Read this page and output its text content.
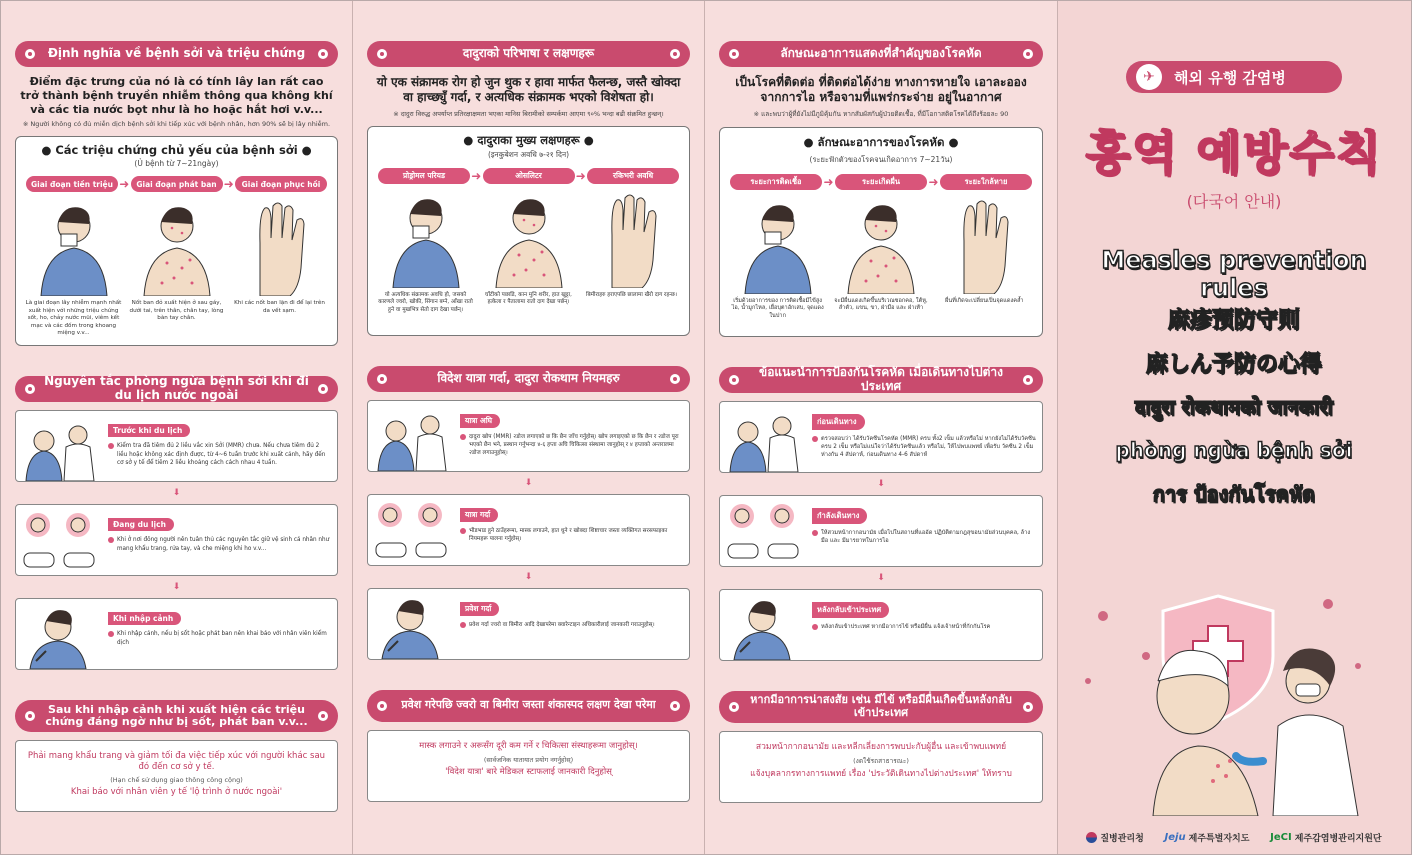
Định nghĩa về bệnh sởi và triệu chứng
Điểm đặc trưng của nó là có tính lây lan rất cao trở thành bệnh truyền nhiễm thông qua không khí và các tia nước bọt như là ho hoặc hắt hơi v.v...
※ Người không có đủ miễn dịch bệnh sởi khi tiếp xúc với bệnh nhân, hơn 90% sẽ bị lây nhiễm.
● Các triệu chứng chủ yếu của bệnh sởi ●
(Ủ bệnh từ 7~21ngày)
Giai đoạn tiền triệu ➜ Giai đoạn phát ban ➜	Giai đoạn phục hồi
Là giai đoạn lây nhiễm mạnh nhất xuất hiện với những triệu chứng sốt, ho, chảy nước mũi, viêm kết mạc và các đốm trong khoang miệng v.v...
Nốt ban đỏ xuất hiện ở sau gáy, dưới tai, trên thân, chân tay, lòng bàn tay chân.
Khi các nốt ban lặn đi để lại trên da vết sạm.
Nguyên tắc phòng ngừa bệnh sởi khi đi du lịch nước ngoài
Trước khi du lịch
Kiểm tra đã tiêm đủ 2 liều vắc xin Sởi (MMR) chưa. Nếu chưa tiêm đủ 2 liều hoặc không xác định được, từ 4~6 tuần trước khi xuất cảnh, hãy đến cơ sở y tế để tiêm 2 liều khoảng cách cách nhau 4 tuần.
⬇
Đang du lịch
Khi ở nơi đông người nên tuân thủ các nguyên tắc giữ vệ sinh cá nhân như mang khẩu trang, rửa tay, và che miệng khi ho v.v...
⬇
Khi nhập cảnh
Khi nhập cảnh, nếu bị sốt hoặc phát ban nên khai báo với nhân viên kiểm dịch
Sau khi nhập cảnh khi xuất hiện các triệu chứng đáng ngờ như bị sốt, phát ban v.v...
Phải mang khẩu trang và giảm tối đa việc tiếp xúc với người khác sau đó đến cơ sở y tế.
(Hạn chế sử dụng giao thông công cộng)
Khai báo với nhân viên y tế 'lộ trình ở nước ngoài'
दादुराको परिभाषा र लक्षणहरू
यो एक संक्रामक रोग हो जुन थुक र हावा मार्फत फैलन्छ, जस्तै खोक्दा वा हाच्छ्युँ गर्दा, र अत्यधिक संक्रामक भएको विशेषता हो।
※ दादुरा विरुद्ध अपर्याप्त प्रतिरक्षाक्षमता भएका मानिस बिरामीको सम्पर्कमा आएमा ९०% भन्दा बढी संक्रमित हुन्छन्।
● दादुराका मुख्य लक्षणहरू ●
(इनकुबेशन अवधि ७-२१ दिन)
प्रोड्रोमल परियड	➜	ओसलिटर	➜	रकिभरी अवधि
यो अत्यधिक संक्रामक अवधि हो, जसको कारणले ज्वरो, खोकी, सिंगान बग्ने, आँखा रातो हुने वा मुखभित्र सेतो दाग देखा पर्छन्।
घाँटीको पछाडि, कान मुनि शरीर, हात खुट्टा, हत्केला र पैतालामा रातो दाग देखा पर्छन्।
बिमीराहरु हराएपछि छालामा खैरो दाग रहन्छ।
विदेश यात्रा गर्दा, दादुरा रोकथाम नियमहरु
यात्रा अघि
दादुरा खोप (MMR) २डोज लगाएको छ कि छैन जाँच गर्नुहोस्। खोप लगाइएको छ कि छैन र २डोज पूरा भएको छैन भने, प्रस्थान गर्नुभन्दा ४-६ हप्ता अघि चिकित्सा संस्थामा जानुहोस् र ४ हप्ताको अन्तरालमा २डोज लगाउनुहोस्।
⬇
यात्रा गर्दा
भीडभाड हुने ठाउँहरूमा, मास्क लगाउने, हात धुने र खोक्दा शिष्टाचार जस्ता व्यक्तिगत सरसफाइका नियमहरू पालना गर्नुहोस्।
⬇
प्रवेश गर्दा
प्रवेश गर्दा ज्वरो वा बिमीरा आदि देखापरेमा क्वारेन्टाइन अधिकारीलाई जानकारी गराउनुहोस्।
प्रवेश गरेपछि ज्वरो वा बिमीरा जस्ता शंकास्पद लक्षण देखा परेमा
मास्क लगाउने र अरूसँग दूरी कम गर्ने र चिकित्सा संस्थाहरूमा जानुहोस्।
(सार्वजनिक यातायात प्रयोग नगर्नुहोस्)
'विदेश यात्रा' बारे मेडिकल स्टाफलाई जानकारी दिनुहोस्
ลักษณะอาการแสดงที่สำคัญของโรคหัด
เป็นโรคที่ติดต่อ ที่ติดต่อได้ง่าย ทางการหายใจ เอาละออง จากการไอ หรือจามที่แพร่กระจ่าย อยู่ในอากาศ
※ และพบว่าผู้ที่ยังไม่มีภูมิคุ้มกัน หากสัมผัสกับผู้ป่วยติดเชื้อ, ที่มีโอกาสติดโรคได้ถึงร้อยละ 90
● ลักษณะอาการของโรคหัด ●
(ระยะฟักตัวของโรคจนเกิดอาการ 7~21วัน)
ระยะการติดเชื้อ	➜	ระยะเกิดผื่น	➜	ระยะใกล้หาย
เริ่มด้วยอาการของ การติดเชื้อมีไข้สูง ไอ, น้ำมูกไหล, เยื่อบุตาอักเสบ, จุดแดงในปาก
จะมีผื่นแดงเกิดขึ้นบริเวณซอกคอ, ใต้หู, ลำตัว, แขน, ขา, ฝ่ามือ และ ฝ่าเท้า
ผื่นที่เกิดจะเปลี่ยนเป็นจุดแดงคล้ำ
ข้อแนะนำการป้องกันโรคหัด เมื่อเดินทางไปต่างประเทศ
ก่อนเดินทาง
ตรวจสอบว่า ได้รับวัคซีนโรคหัด (MMR) ครบ ทั้ง2 เข็ม แล้วหรือไม่ หากยังไม่ได้รับวัคซีน ครบ 2 เข็ม หรือไม่แน่ใจว่าได้รับวัคซีนแล้ว หรือไม่, ให้ไปพบแพทย์ เพื่อรับ วัคซีน 2 เข็ม ห่างกัน 4 สัปดาห์, ก่อนเดินทาง 4-6 สัปดาห์
⬇
กำลังเดินทาง
ให้สวมหน้ากากอนามัย เมื่อไปในสถานที่แออัด ปฏิบัติตามกฎสุขอนามัยส่วนบุคคล, ล้างมือ และ มีมารยาทในการไอ
⬇
หลังกลับเข้าประเทศ
หลังกลับเข้าประเทศ หากมีอาการไข้ หรือมีผื่น แจ้งเจ้าหน้าที่กักกันโรค
หากมีอาการน่าสงสัย เช่น มีไข้ หรือมีผื่นเกิดขึ้นหลังกลับเข้าประเทศ
สวมหน้ากากอนามัย และหลีกเลี่ยงการพบปะกับผู้อื่น และเข้าพบแพทย์
(งดใช้รถสาธารณะ)
แจ้งบุคลากรทางการแพทย์ เรื่อง 'ประวัติเดินทางไปต่างประเทศ' ให้ทราบ
✈	해외 유행 감염병
홍역 예방수칙
(다국어 안내)
Measles prevention rules
麻疹预防守则
麻しん予防の心得
दादुरा रोकथामको जानकारी
phòng ngừa bệnh sởi
การ ป้องกันโรคหัด
질병관리청 Jeju 제주특별자치도 JeCI 제주감염병관리지원단
